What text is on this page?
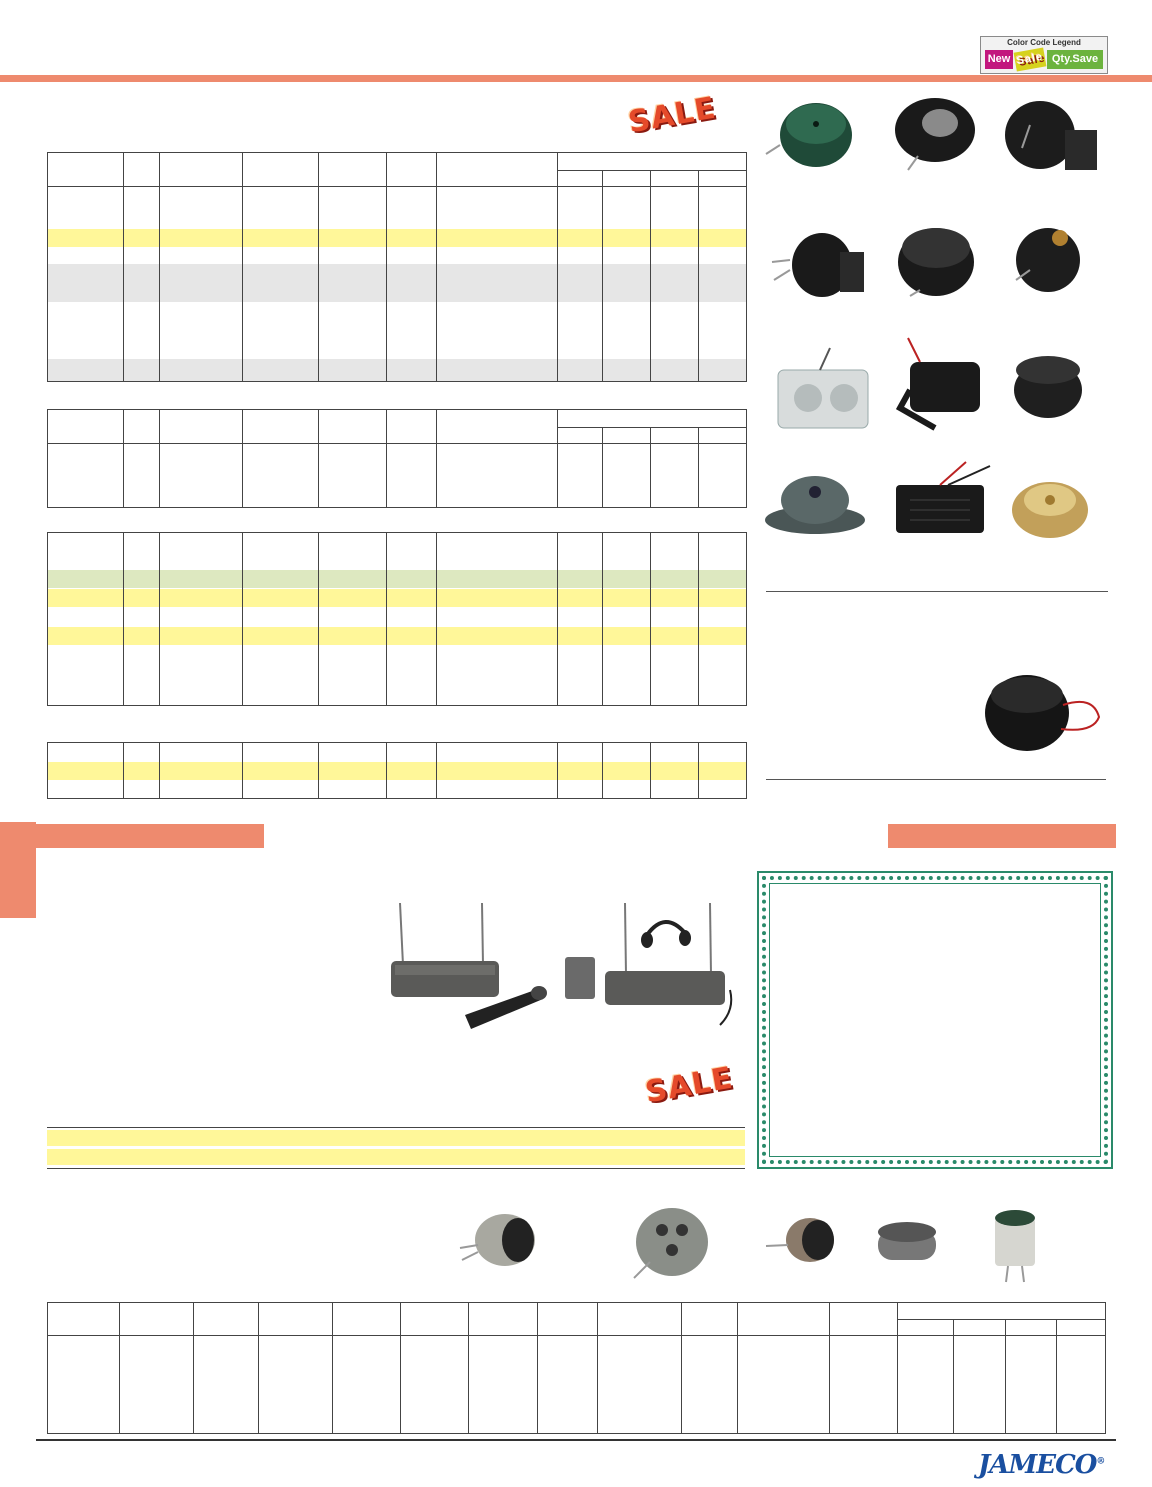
Color Code Legend
New Sale Qty.Save
SALE
SALE
JAMECO®
